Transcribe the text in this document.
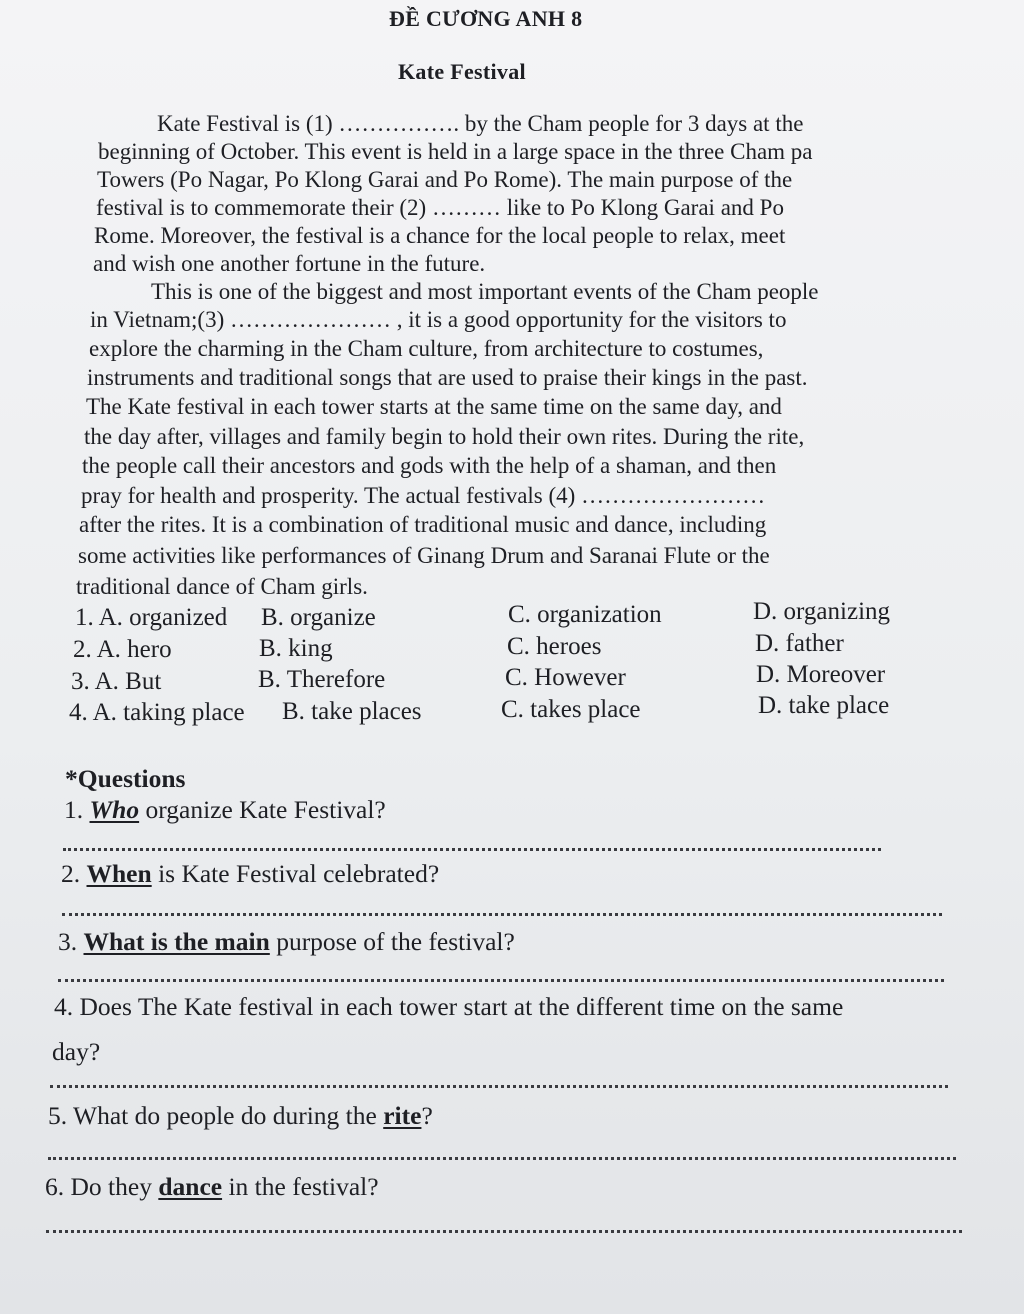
ĐỀ CƯƠNG ANH 8
Kate Festival
Kate Festival is (1) ……………. by the Cham people for 3 days at the
beginning of October. This event is held in a large space in the three Cham pa
Towers (Po Nagar, Po Klong Garai and Po Rome). The main purpose of the
festival is to commemorate their (2) ……… like to Po Klong Garai and Po
Rome. Moreover, the festival is a chance for the local people to relax, meet
and wish one another fortune in the future.
This is one of the biggest and most important events of the Cham people
in Vietnam;(3) ………………… , it is a good opportunity for the visitors to
explore the charming in the Cham culture, from architecture to costumes,
instruments and traditional songs that are used to praise their kings in the past.
The Kate festival in each tower starts at the same time on the same day, and
the day after, villages and family begin to hold their own rites. During the rite,
the people call their ancestors and gods with the help of a shaman, and then
pray for health and prosperity. The actual festivals (4) ……………………
after the rites. It is a combination of traditional music and dance, including
some activities like performances of Ginang Drum and Saranai Flute or the
traditional dance of Cham girls.
1. A. organized B. organize	C. organization	D. organizing
2. A. hero	B. king	C. heroes	D. father
3. A. But	B. Therefore	C. However	D. Moreover
4. A. taking place B. take places	C. takes place	D. take place
*Questions
1. Who organize Kate Festival?
2. When is Kate Festival celebrated?
3. What is the main purpose of the festival?
4. Does The Kate festival in each tower start at the different time on the same
day?
5. What do people do during the rite?
6. Do they dance in the festival?
